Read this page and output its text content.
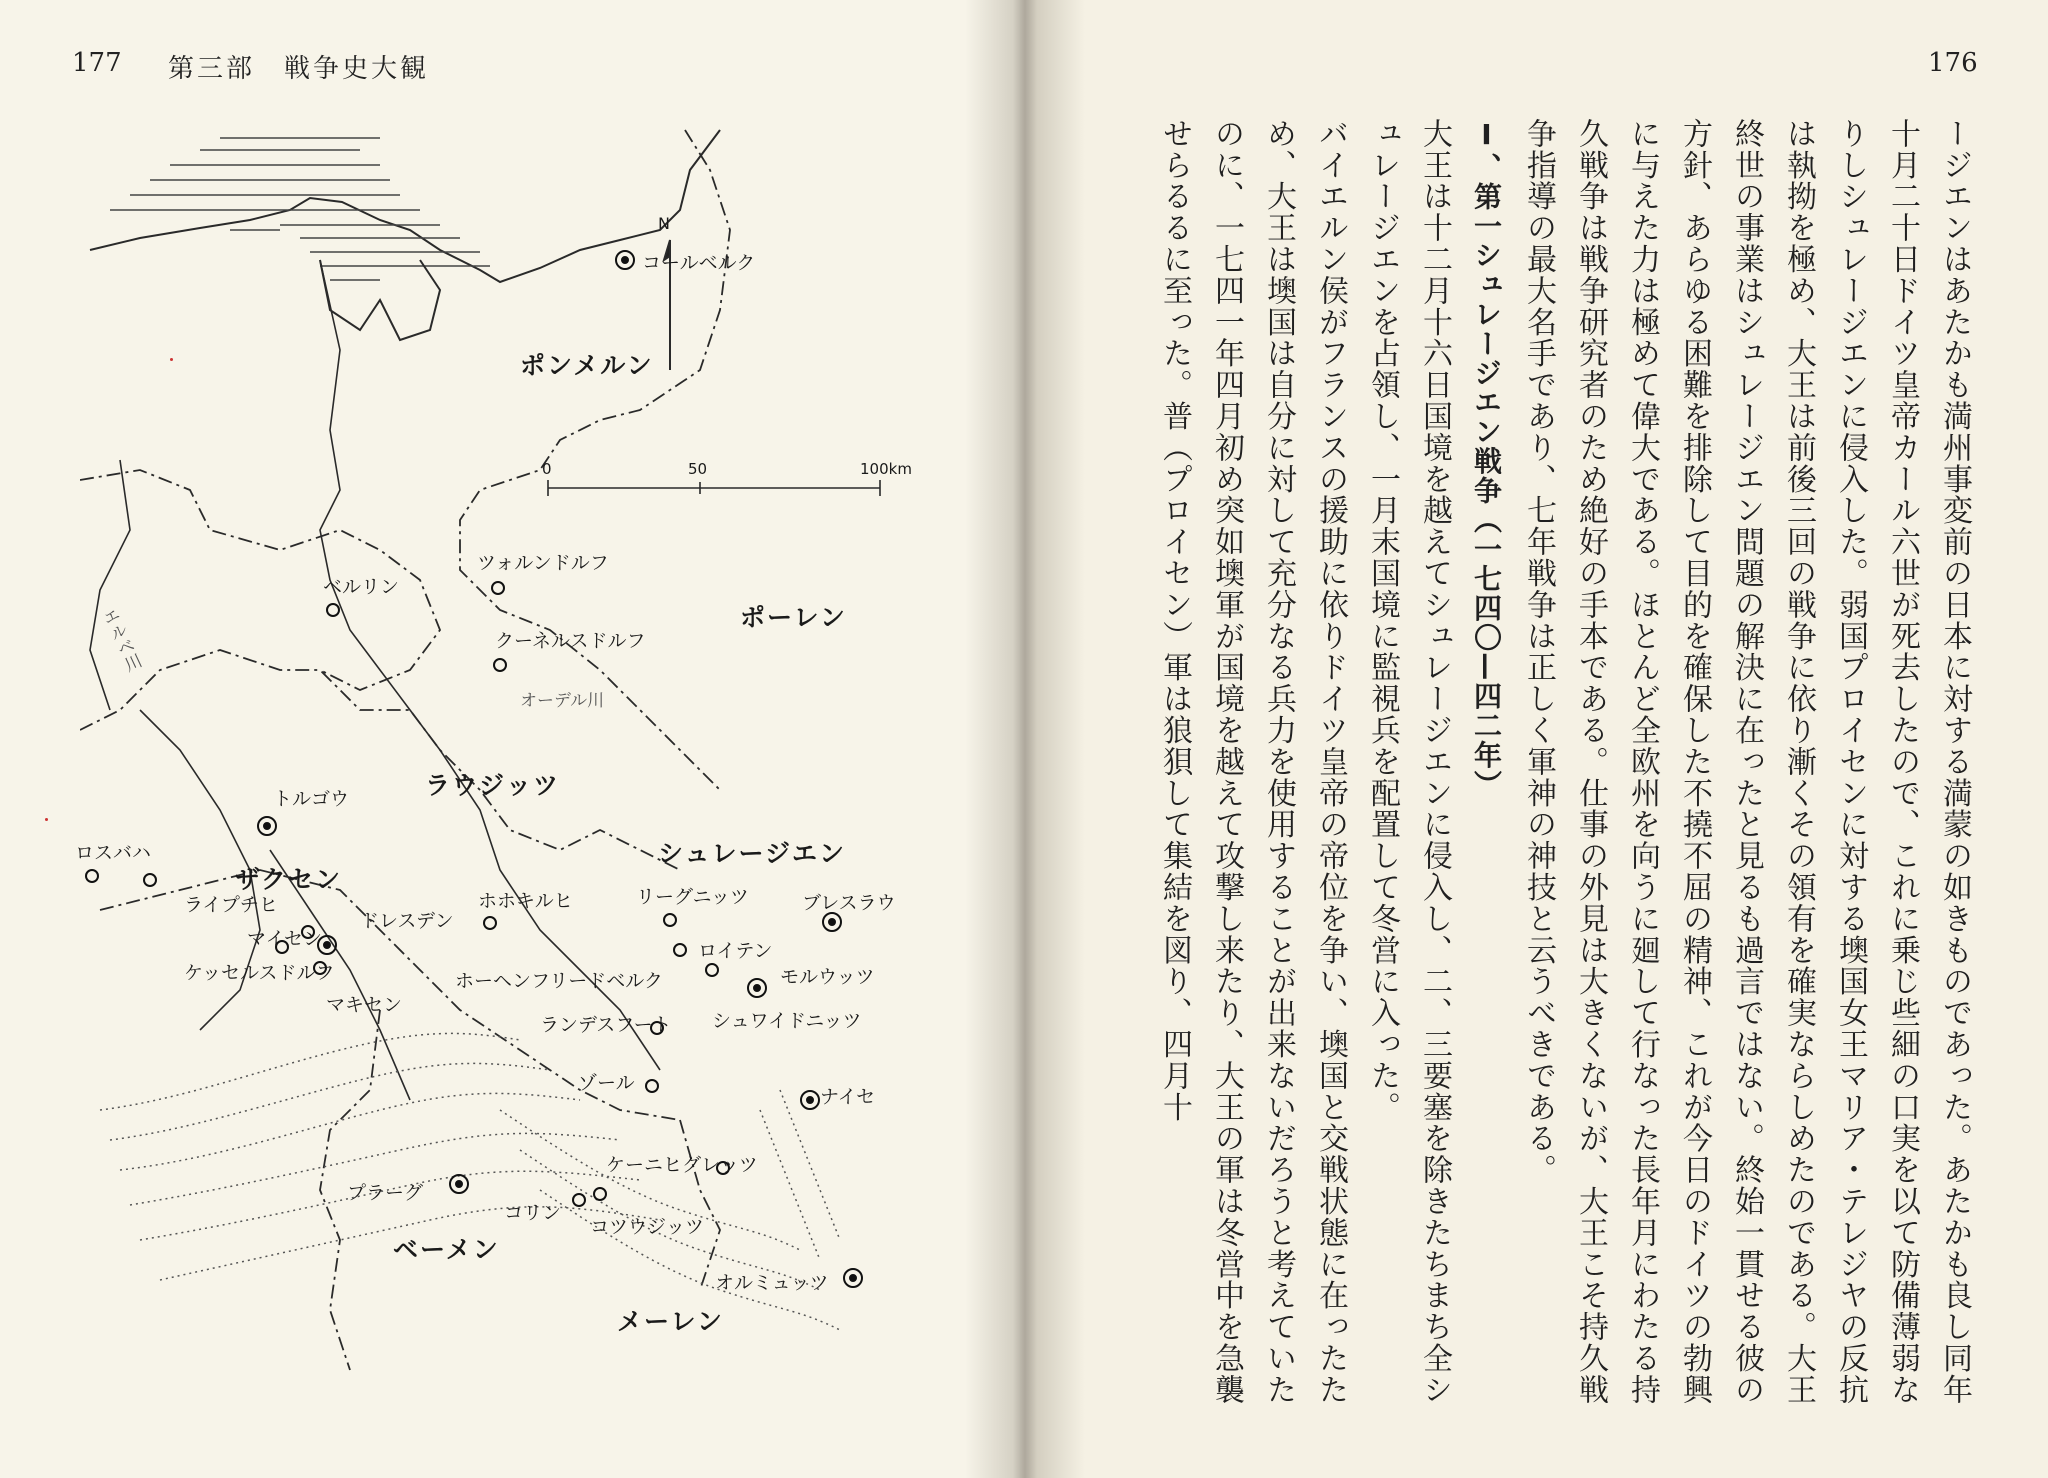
177 第三部　戦争史大観	176
ポンメルン
ポーレン
ラウジッツ
シュレージエン
ザクセン
ベーメン
メーレン
コールベルク
ツォルンドルフ
ベルリン
クーネルスドルフ
トルゴウ
ロスバハ
ライプチヒ
ドレスデン
マイセン
ケッセルスドルフ
マキセン
ホホキルヒ	リーグニッツ	ブレスラウ
ロイテン
ホーヘンフリードベルク	モルウッツ
ランデスフート シュワイドニッツ
ゾール
ナイセ
ケーニヒグレッツ
プラーグ
コリン
コツウジッツ
オルミュッツ
エルベ川
オーデル川
N
0	50	100km	ージエンはあたかも満州事変前の日本に対する満蒙の如きものであった。あたかも良し同年十月二十日ドイツ皇帝カール六世が死去したので、これに乗じ些細の口実を以て防備薄弱なりしシュレージエンに侵入した。弱国プロイセンに対する墺国女王マリア・テレジヤの反抗は執拗を極め、大王は前後三回の戦争に依り漸くその領有を確実ならしめたのである。大王終世の事業はシュレージエン問題の解決に在ったと見るも過言ではない。終始一貫せる彼の方針、あらゆる困難を排除して目的を確保した不撓不屈の精神、これが今日のドイツの勃興に与えた力は極めて偉大である。ほとんど全欧州を向うに廻して行なった長年月にわたる持久戦争は戦争研究者のため絶好の手本である。仕事の外見は大きくないが、大王こそ持久戦争指導の最大名手であり、七年戦争は正しく軍神の神技と云うべきである。

Ⅰ、第一シュレージエン戦争（一七四〇—四二年）

大王は十二月十六日国境を越えてシュレージエンに侵入し、二、三要塞を除きたちまち全シュレージエンを占領し、一月末国境に監視兵を配置して冬営に入った。

バイエルン侯がフランスの援助に依りドイツ皇帝の帝位を争い、墺国と交戦状態に在ったため、大王は墺国は自分に対して充分なる兵力を使用することが出来ないだろうと考えていたのに、一七四一年四月初め突如墺軍が国境を越えて攻撃し来たり、大王の軍は冬営中を急襲せらるるに至った。普（プロイセン）軍は狼狽して集結を図り、四月十
